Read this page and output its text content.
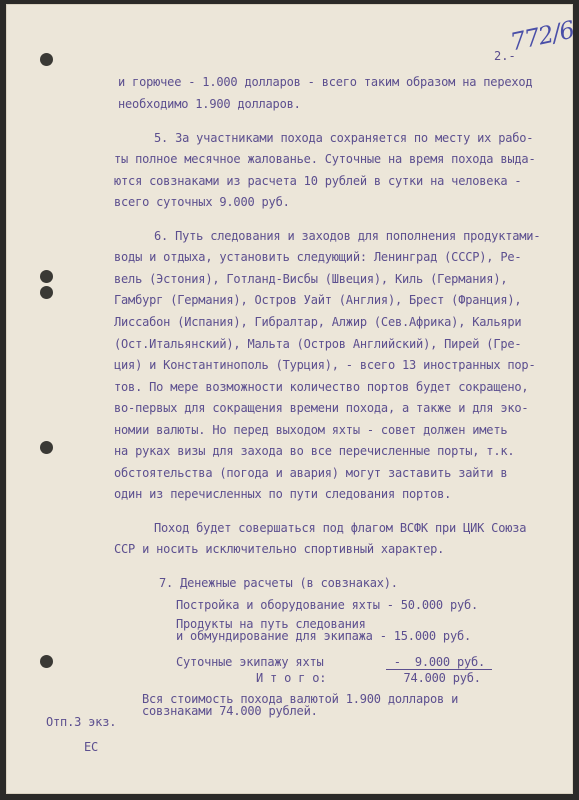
772/6
2.-
и горючее - 1.000 долларов - всего таким образом на переход
необходимо 1.900 долларов.
5. За участниками похода сохраняется по месту их рабо-
ты полное месячное жалованье. Суточные на время похода выда-
ются совзнаками из расчета 10 рублей в сутки на человека -
всего суточных 9.000 руб.
6. Путь следования и заходов для пополнения продуктами-
воды и отдыха, установить следующий: Ленинград (СССР), Ре-
вель (Эстония), Готланд-Висбы (Швеция), Киль (Германия),
Гамбург (Германия), Остров Уайт (Англия), Брест (Франция),
Лиссабон (Испания), Гибралтар, Алжир (Сев.Африка), Кальяри
(Ост.Итальянский), Мальта (Остров Английский), Пирей (Гре-
ция) и Константинополь (Турция), - всего 13 иностранных пор-
тов. По мере возможности количество портов будет сокращено,
во-первых для сокращения времени похода, а также и для эко-
номии валюты. Но перед выходом яхты - совет должен иметь
на руках визы для захода во все перечисленные порты, т.к.
обстоятельства (погода и авария) могут заставить зайти в
один из перечисленных по пути следования портов.
Поход будет совершаться под флагом ВСФК при ЦИК Союза
ССР и носить исключительно спортивный характер.
7. Денежные расчеты (в совзнаках).
Постройка и оборудование яхты - 50.000 руб.
Продукты на путь следования
и обмундирование для экипажа - 15.000 руб.
Суточные экипажу яхты          -  9.000 руб.
И т о г о:           74.000 руб.
Вся стоимость похода валютой 1.900 долларов и
совзнаками 74.000 рублей.
Отп.3 экз.
ЕС
